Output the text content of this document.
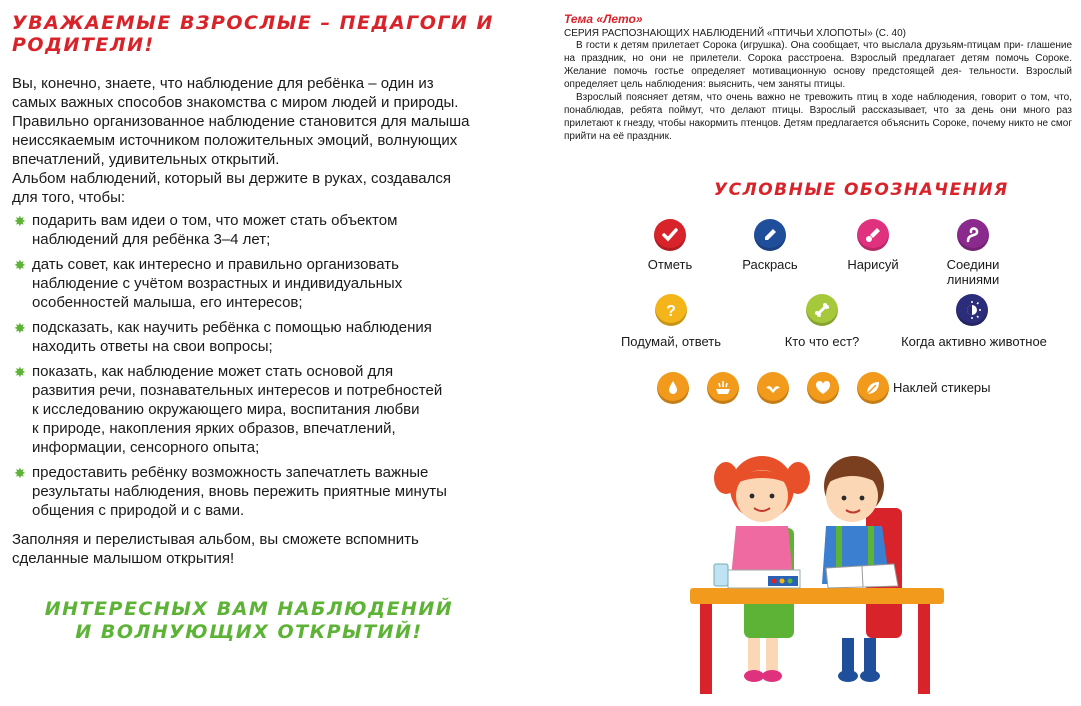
УВАЖАЕМЫЕ ВЗРОСЛЫЕ – ПЕДАГОГИ И РОДИТЕЛИ!
Вы, конечно, знаете, что наблюдение для ребёнка – один из
самых важных способов знакомства с миром людей и природы.
Правильно организованное наблюдение становится для малыша
неиссякаемым источником положительных эмоций, волнующих
впечатлений, удивительных открытий.
Альбом наблюдений, который вы держите в руках, создавался
для того, чтобы:
✸ подарить вам идеи о том, что может стать объектом
наблюдений для ребёнка 3–4 лет;
✸ дать совет, как интересно и правильно организовать
наблюдение с учётом возрастных и индивидуальных
особенностей малыша, его интересов;
✸ подсказать, как научить ребёнка с помощью наблюдения
находить ответы на свои вопросы;
✸ показать, как наблюдение может стать основой для
развития речи, познавательных интересов и потребностей
к исследованию окружающего мира, воспитания любви
к природе, накопления ярких образов, впечатлений,
информации, сенсорного опыта;
✸ предоставить ребёнку возможность запечатлеть важные
результаты наблюдения, вновь пережить приятные минуты
общения с природой и с вами.
Заполняя и перелистывая альбом, вы сможете вспомнить
сделанные малышом открытия!
ИНТЕРЕСНЫХ ВАМ НАБЛЮДЕНИЙ
И ВОЛНУЮЩИХ ОТКРЫТИЙ!
Тема «Лето»
СЕРИЯ РАСПОЗНАЮЩИХ НАБЛЮДЕНИЙ «ПТИЧЬИ ХЛОПОТЫ» (С. 40)

В гости к детям прилетает Сорока (игрушка). Она сообщает, что выслала друзьям-птицам при- глашение на праздник, но они не прилетели. Сорока расстроена. Взрослый предлагает детям помочь Сороке. Желание помочь гостье определяет мотивационную основу предстоящей дея- тельности. Взрослый определяет цель наблюдения: выяснить, чем заняты птицы.

Взрослый поясняет детям, что очень важно не тревожить птиц в ходе наблюдения, говорит о том, что, понаблюдав, ребята поймут, что делают птицы. Взрослый рассказывает, что за день они много раз прилетают к гнезду, чтобы накормить птенцов. Детям предлагается объяснить Сороке, почему никто не смог прийти на её праздник.

УСЛОВНЫЕ ОБОЗНАЧЕНИЯ
Отметь	Раскрась	Нарисуй	Соедини
линиями
?
Подумай, ответь	Кто что ест?	Когда активно животное
Наклей стикеры
